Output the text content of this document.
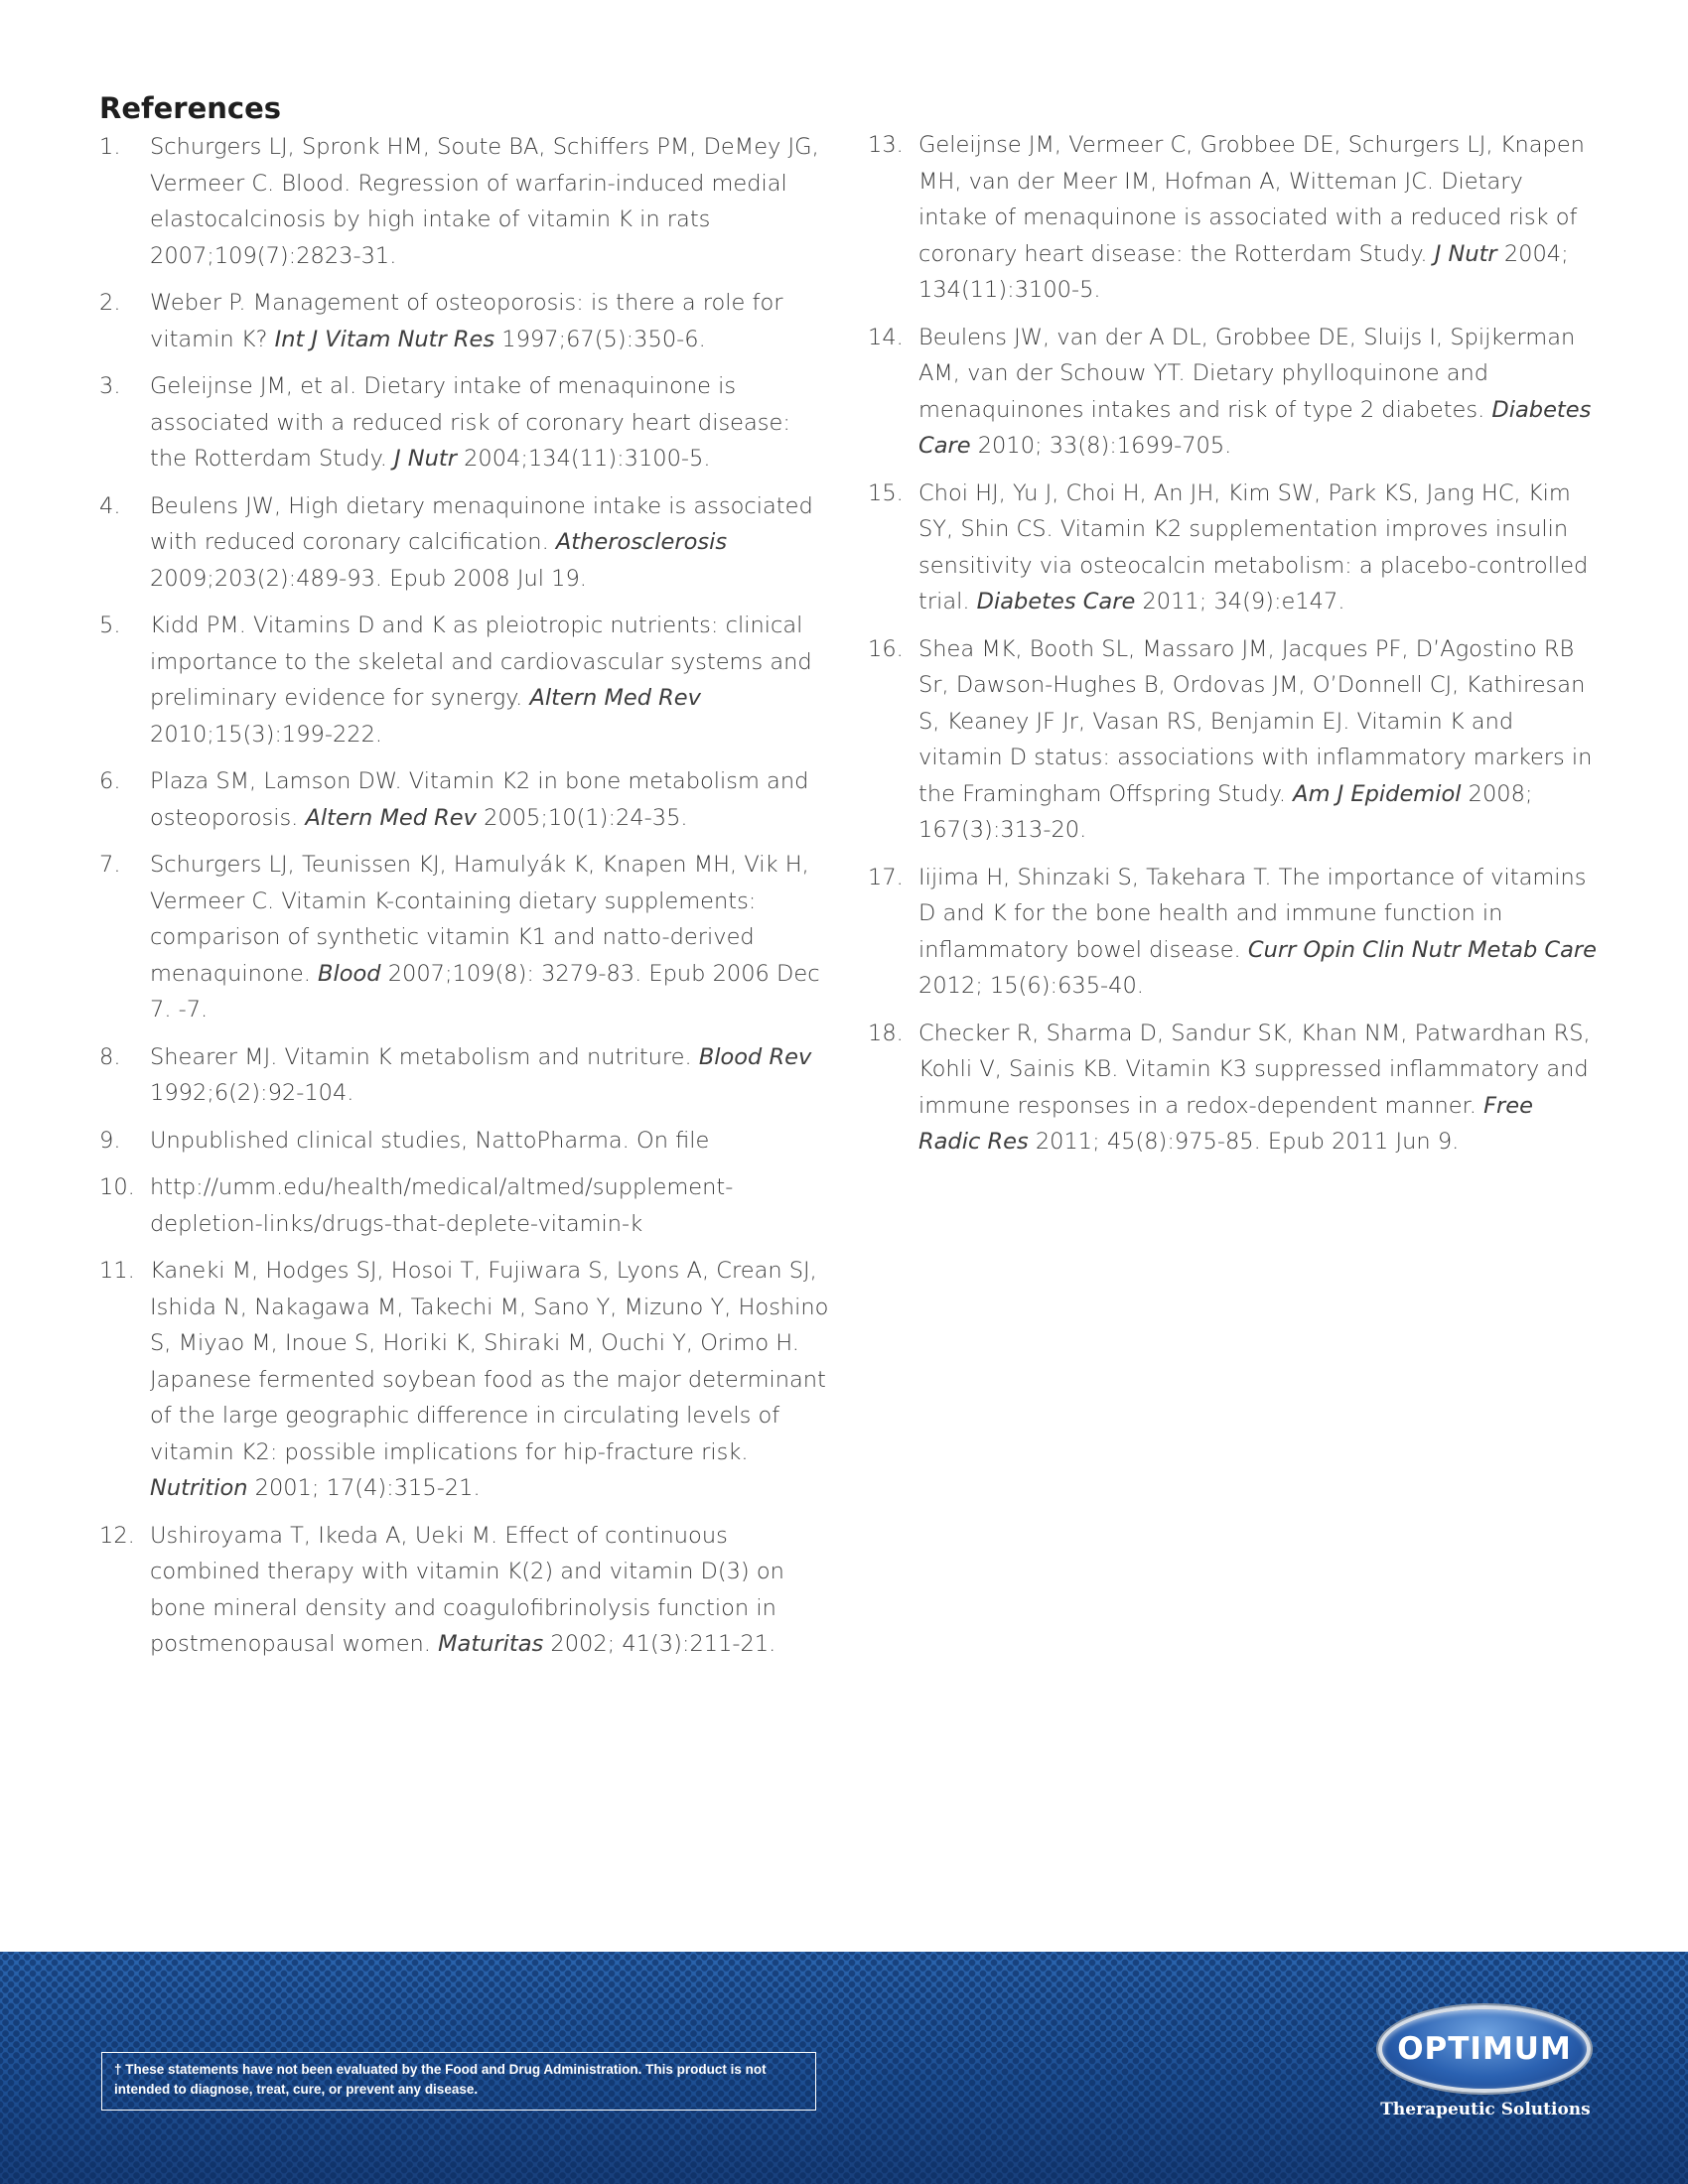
References
1. Schurgers LJ, Spronk HM, Soute BA, Schiffers PM, DeMey JG, Vermeer C. Blood. Regression of warfarin-induced medial elastocalcinosis by high intake of vitamin K in rats 2007;109(7):2823-31.
2. Weber P. Management of osteoporosis: is there a role for vitamin K? Int J Vitam Nutr Res 1997;67(5):350-6.
3. Geleijnse JM, et al. Dietary intake of menaquinone is associated with a reduced risk of coronary heart disease: the Rotterdam Study. J Nutr 2004;134(11):3100-5.
4. Beulens JW, High dietary menaquinone intake is associated with reduced coronary calcification. Atherosclerosis 2009;203(2):489-93. Epub 2008 Jul 19.
5. Kidd PM. Vitamins D and K as pleiotropic nutrients: clinical importance to the skeletal and cardiovascular systems and preliminary evidence for synergy. Altern Med Rev 2010;15(3):199-222.
6. Plaza SM, Lamson DW. Vitamin K2 in bone metabolism and osteoporosis. Altern Med Rev 2005;10(1):24-35.
7. Schurgers LJ, Teunissen KJ, Hamulyák K, Knapen MH, Vik H, Vermeer C. Vitamin K-containing dietary supplements: comparison of synthetic vitamin K1 and natto-derived menaquinone. Blood 2007;109(8): 3279-83. Epub 2006 Dec 7. -7.
8. Shearer MJ. Vitamin K metabolism and nutriture. Blood Rev 1992;6(2):92-104.
9. Unpublished clinical studies, NattoPharma. On file
10. http://umm.edu/health/medical/altmed/supplement-depletion-links/drugs-that-deplete-vitamin-k
11. Kaneki M, Hodges SJ, Hosoi T, Fujiwara S, Lyons A, Crean SJ, Ishida N, Nakagawa M, Takechi M, Sano Y, Mizuno Y, Hoshino S, Miyao M, Inoue S, Horiki K, Shiraki M, Ouchi Y, Orimo H. Japanese fermented soybean food as the major determinant of the large geographic difference in circulating levels of vitamin K2: possible implications for hip-fracture risk. Nutrition 2001; 17(4):315-21.
12. Ushiroyama T, Ikeda A, Ueki M. Effect of continuous combined therapy with vitamin K(2) and vitamin D(3) on bone mineral density and coagulofibrinolysis function in postmenopausal women. Maturitas 2002; 41(3):211-21.
13. Geleijnse JM, Vermeer C, Grobbee DE, Schurgers LJ, Knapen MH, van der Meer IM, Hofman A, Witteman JC. Dietary intake of menaquinone is associated with a reduced risk of coronary heart disease: the Rotterdam Study. J Nutr 2004; 134(11):3100-5.
14. Beulens JW, van der A DL, Grobbee DE, Sluijs I, Spijkerman AM, van der Schouw YT. Dietary phylloquinone and menaquinones intakes and risk of type 2 diabetes. Diabetes Care 2010; 33(8):1699-705.
15. Choi HJ, Yu J, Choi H, An JH, Kim SW, Park KS, Jang HC, Kim SY, Shin CS. Vitamin K2 supplementation improves insulin sensitivity via osteocalcin metabolism: a placebo-controlled trial. Diabetes Care 2011; 34(9):e147.
16. Shea MK, Booth SL, Massaro JM, Jacques PF, D’Agostino RB Sr, Dawson-Hughes B, Ordovas JM, O’Donnell CJ, Kathiresan S, Keaney JF Jr, Vasan RS, Benjamin EJ. Vitamin K and vitamin D status: associations with inflammatory markers in the Framingham Offspring Study. Am J Epidemiol 2008; 167(3):313-20.
17. Iijima H, Shinzaki S, Takehara T. The importance of vitamins D and K for the bone health and immune function in inflammatory bowel disease. Curr Opin Clin Nutr Metab Care 2012; 15(6):635-40.
18. Checker R, Sharma D, Sandur SK, Khan NM, Patwardhan RS, Kohli V, Sainis KB. Vitamin K3 suppressed inflammatory and immune responses in a redox-dependent manner. Free Radic Res 2011; 45(8):975-85. Epub 2011 Jun 9.
† These statements have not been evaluated by the Food and Drug Administration. This product is not intended to diagnose, treat, cure, or prevent any disease.
OPTIMUM
Therapeutic Solutions
